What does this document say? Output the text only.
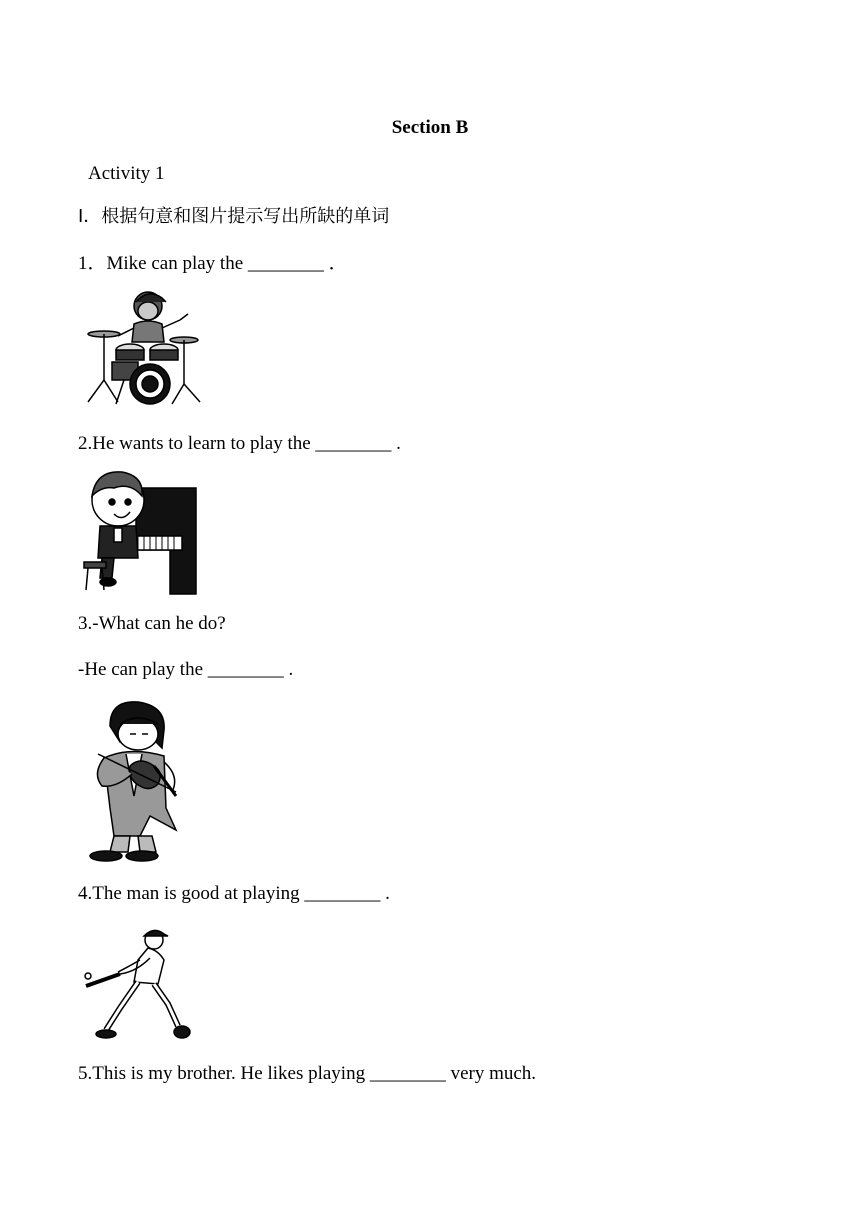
Section B
Activity 1
I．根据句意和图片提示写出所缺的单词
1．Mike can play the ________ ．
2.He wants to learn to play the ________ .
3.-What can he do?
-He can play the ________ .
4.The man is good at playing ________ .
5.This is my brother. He likes playing ________ very much.
